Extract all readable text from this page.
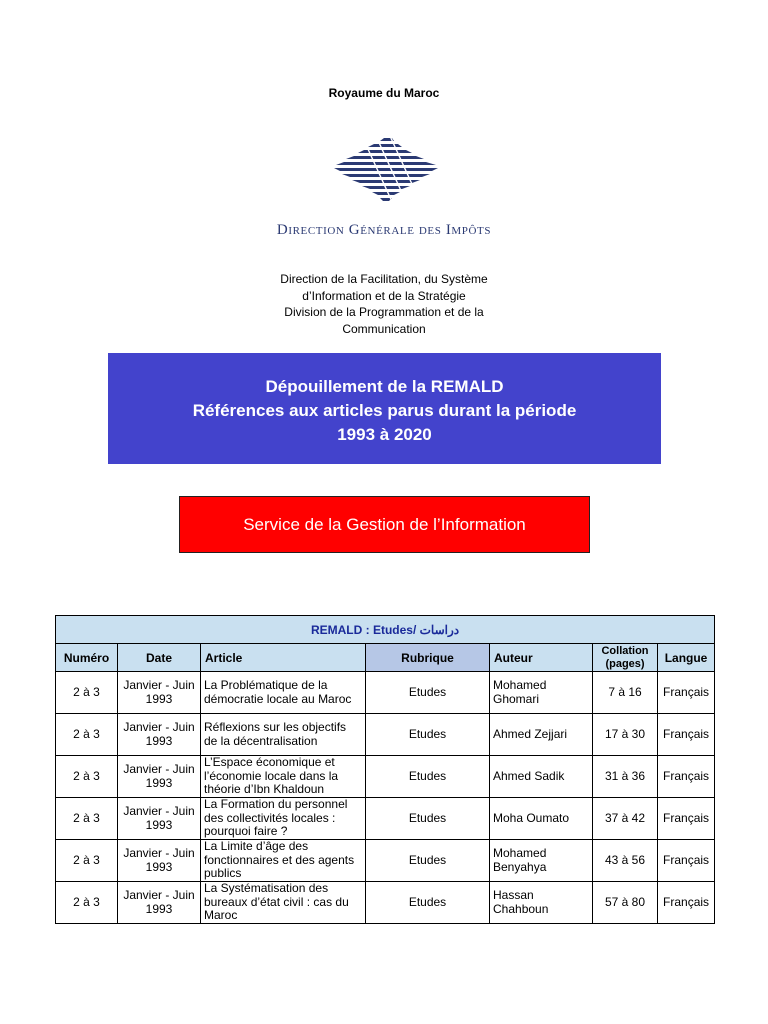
Royaume du Maroc
Direction Générale des Impôts
Direction de la Facilitation, du Système
d’Information et de la Stratégie
Division de la Programmation et de la
Communication
Dépouillement de la REMALD
Références aux articles parus durant la période
1993 à 2020
Service de la Gestion de l’Information
REMALD : Etudes/ دراسات						
Numéro	Date	Article	Rubrique	Auteur	Collation (pages)	Langue
2 à 3	Janvier - Juin 1993	La Problématique de la démocratie locale au Maroc	Etudes	Mohamed Ghomari	7 à 16	Français
2 à 3	Janvier - Juin 1993	Réflexions sur les objectifs de la décentralisation	Etudes	Ahmed Zejjari	17 à 30	Français
2 à 3	Janvier - Juin 1993	L’Espace économique et l’économie locale dans la théorie d’Ibn Khaldoun	Etudes	Ahmed Sadik	31 à 36	Français
2 à 3	Janvier - Juin 1993	La Formation du personnel des collectivités locales : pourquoi faire ?	Etudes	Moha Oumato	37 à 42	Français
2 à 3	Janvier - Juin 1993	La Limite d’âge des fonctionnaires et des agents publics	Etudes	Mohamed Benyahya	43 à 56	Français
2 à 3	Janvier - Juin 1993	La Systématisation des bureaux d’état civil : cas du Maroc	Etudes	Hassan Chahboun	57 à 80	Français
